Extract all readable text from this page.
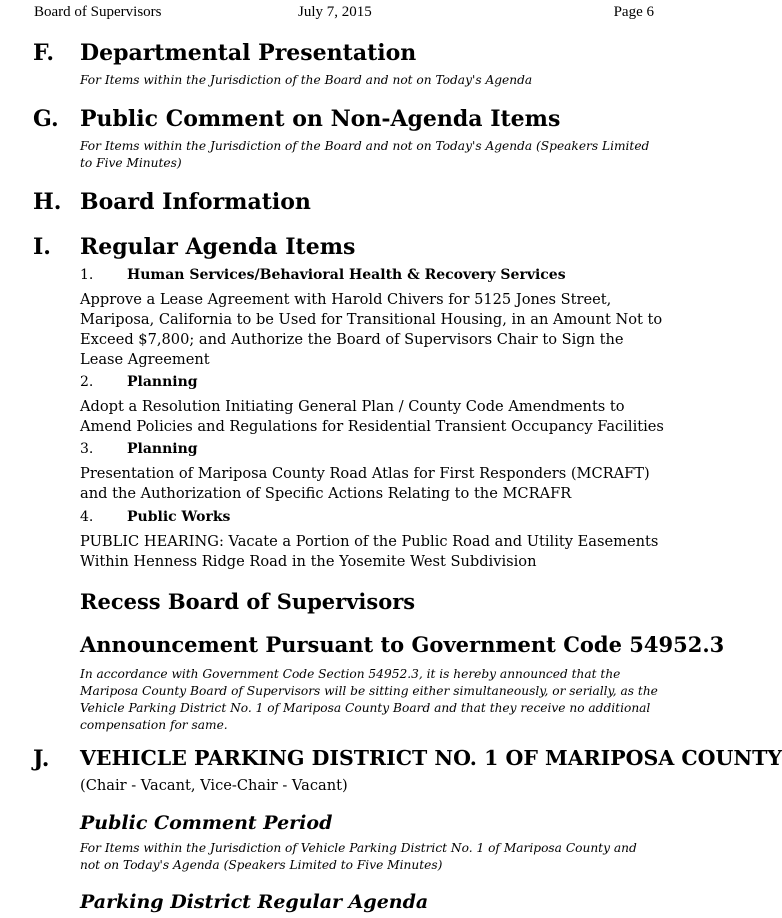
Board of Supervisors	July 7, 2015	Page 6
F. Departmental Presentation
For Items within the Jurisdiction of the Board and not on Today's Agenda
G. Public Comment on Non-Agenda Items
For Items within the Jurisdiction of the Board and not on Today's Agenda (Speakers Limited to Five Minutes)
H. Board Information
I. Regular Agenda Items
1. Human Services/Behavioral Health & Recovery Services
Approve a Lease Agreement with Harold Chivers for 5125 Jones Street, Mariposa, California to be Used for Transitional Housing, in an Amount Not to Exceed $7,800; and Authorize the Board of Supervisors Chair to Sign the Lease Agreement
2. Planning
Adopt a Resolution Initiating General Plan / County Code Amendments to Amend Policies and Regulations for Residential Transient Occupancy Facilities
3. Planning
Presentation of Mariposa County Road Atlas for First Responders (MCRAFT) and the Authorization of Specific Actions Relating to the MCRAFR
4. Public Works
PUBLIC HEARING: Vacate a Portion of the Public Road and Utility Easements Within Henness Ridge Road in the Yosemite West Subdivision
Recess Board of Supervisors
Announcement Pursuant to Government Code 54952.3
In accordance with Government Code Section 54952.3, it is hereby announced that the Mariposa County Board of Supervisors will be sitting either simultaneously, or serially, as the Vehicle Parking District No. 1 of Mariposa County Board and that they receive no additional compensation for same.
J. VEHICLE PARKING DISTRICT NO. 1 OF MARIPOSA COUNTY
(Chair - Vacant, Vice-Chair - Vacant)
Public Comment Period
For Items within the Jurisdiction of Vehicle Parking District No. 1 of Mariposa County and not on Today's Agenda (Speakers Limited to Five Minutes)
Parking District Regular Agenda
